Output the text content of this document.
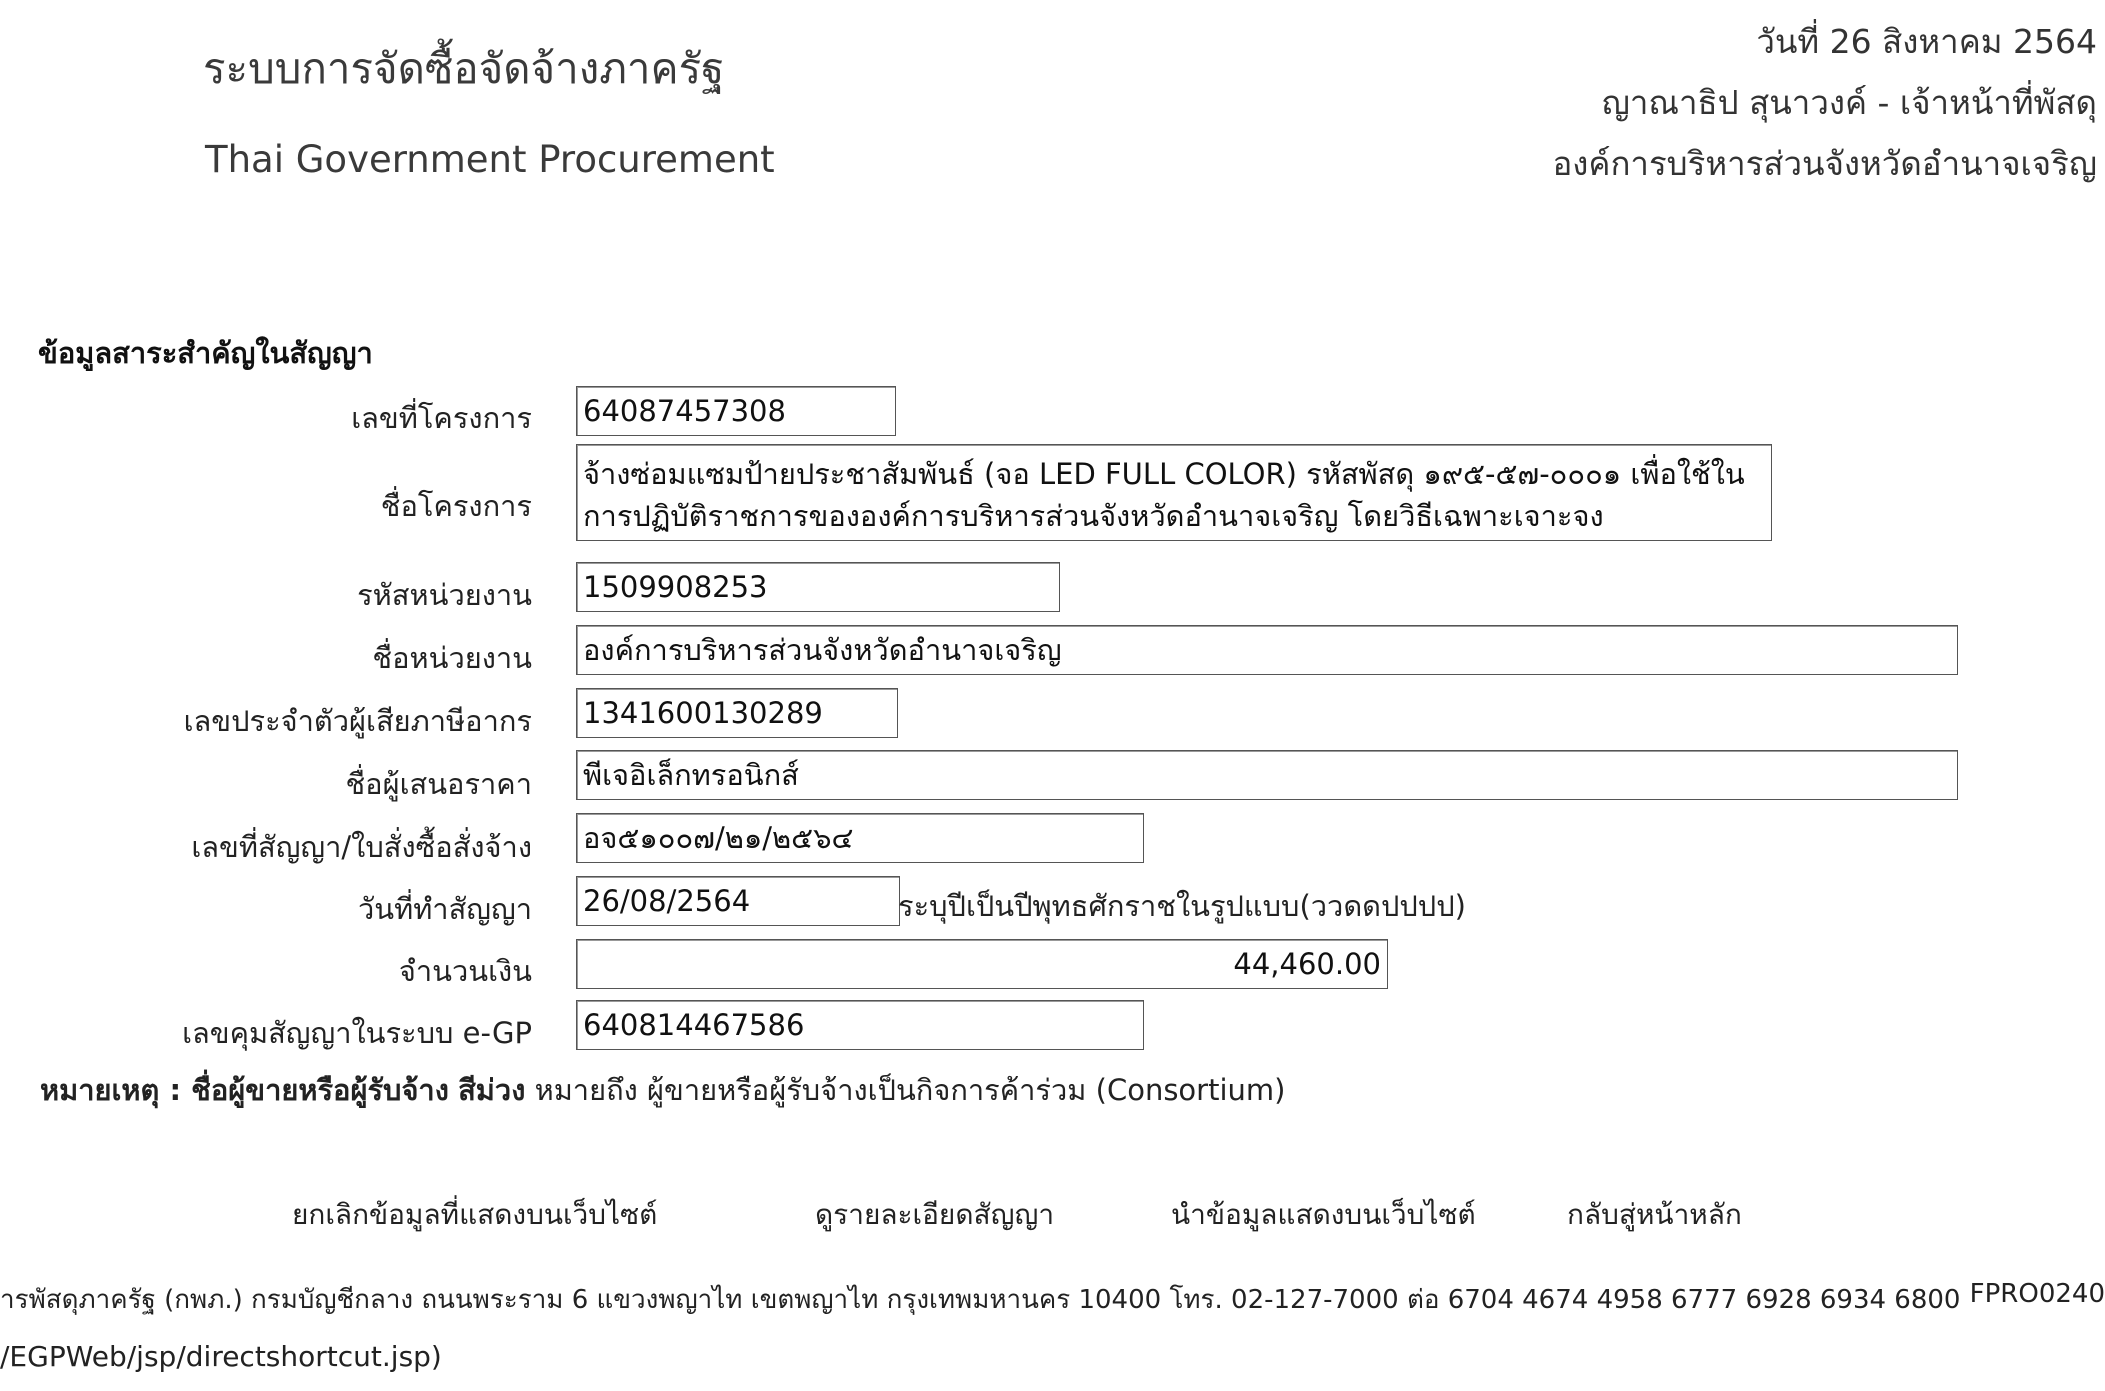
ระบบการจัดซื้อจัดจ้างภาครัฐ
Thai Government Procurement
วันที่ 26 สิงหาคม 2564
ญาณาธิป สุนาวงค์ - เจ้าหน้าที่พัสดุ
องค์การบริหารส่วนจังหวัดอำนาจเจริญ
ข้อมูลสาระสำคัญในสัญญา
เลขที่โครงการ 64087457308
ชื่อโครงการ
จ้างซ่อมแซมป้ายประชาสัมพันธ์ (จอ LED FULL COLOR) รหัสพัสดุ ๑๙๕-๕๗-๐๐๐๑ เพื่อใช้ในการปฏิบัติราชการขององค์การบริหารส่วนจังหวัดอำนาจเจริญ โดยวิธีเฉพาะเจาะจง
รหัสหน่วยงาน 1509908253
ชื่อหน่วยงาน องค์การบริหารส่วนจังหวัดอำนาจเจริญ
เลขประจำตัวผู้เสียภาษีอากร 1341600130289
ชื่อผู้เสนอราคา พีเจอิเล็กทรอนิกส์
เลขที่สัญญา/ใบสั่งซื้อสั่งจ้าง อจ๕๑๐๐๗/๒๑/๒๕๖๔
วันที่ทำสัญญา 26/08/2564	ระบุปีเป็นปีพุทธศักราชในรูปแบบ(ววดดปปปป)
จำนวนเงิน	44,460.00
เลขคุมสัญญาในระบบ e-GP 640814467586
หมายเหตุ : ชื่อผู้ขายหรือผู้รับจ้าง สีม่วง หมายถึง ผู้ขายหรือผู้รับจ้างเป็นกิจการค้าร่วม (Consortium)
ยกเลิกข้อมูลที่แสดงบนเว็บไซต์	ดูรายละเอียดสัญญา	นำข้อมูลแสดงบนเว็บไซต์	กลับสู่หน้าหลัก
ารพัสดุภาครัฐ (กพภ.) กรมบัญชีกลาง ถนนพระราม 6 แขวงพญาไท เขตพญาไท กรุงเทพมหานคร 10400 โทร. 02-127-7000 ต่อ 6704 4674 4958 6777 6928 6934 6800 FPRO0240
/EGPWeb/jsp/directshortcut.jsp)
